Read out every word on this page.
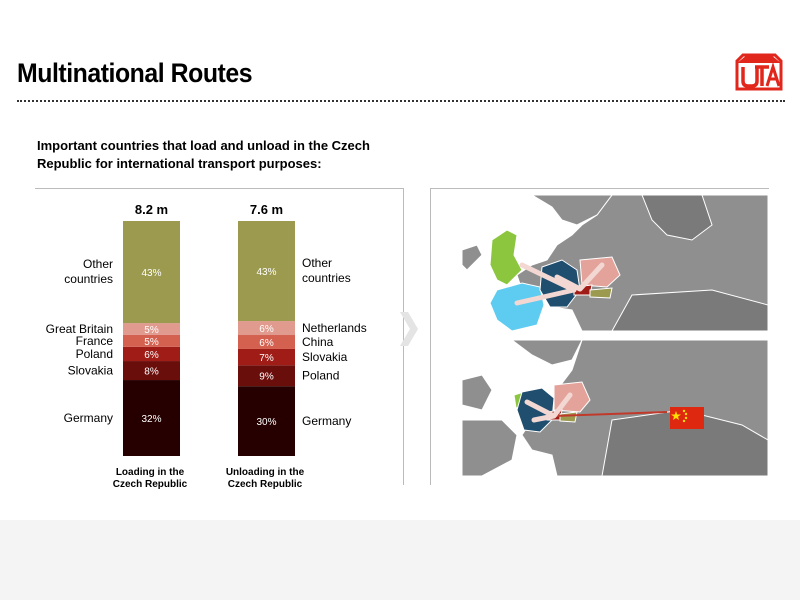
Multinational Routes
Important countries that load and unload in the Czech Republic for international transport purposes:
8.2 m
32%
Germany
8%
Slovakia
6%
Poland
5%
France
5%
Great Britain
43%
Other
countries
7.6 m
30% Germany
9% Poland
7% Slovakia
6% China
6% Netherlands
43%
Other
countries
Loading in the Czech Republic
Unloading in the Czech Republic
